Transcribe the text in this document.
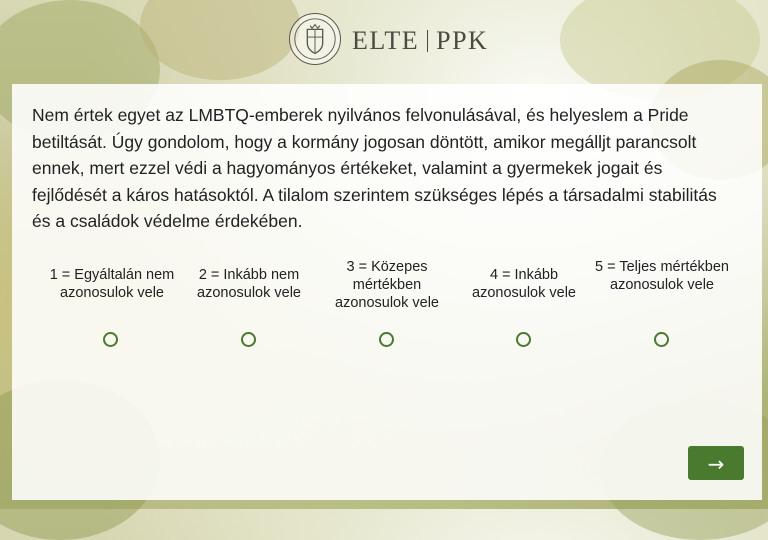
ELTE PPK
Nem értek egyet az LMBTQ-emberek nyilvános felvonulásával, és helyeslem a Pride betiltását. Úgy gondolom, hogy a kormány jogosan döntött, amikor megálljt parancsolt ennek, mert ezzel védi a hagyományos értékeket, valamint a gyermekek jogait és fejlődését a káros hatásoktól. A tilalom szerintem szükséges lépés a társadalmi stabilitás és a családok védelme érdekében.
1 = Egyáltalán nem azonosulok vele
2 = Inkább nem azonosulok vele
3 = Közepes mértékben azonosulok vele
4 = Inkább azonosulok vele
5 = Teljes mértékben azonosulok vele
→
